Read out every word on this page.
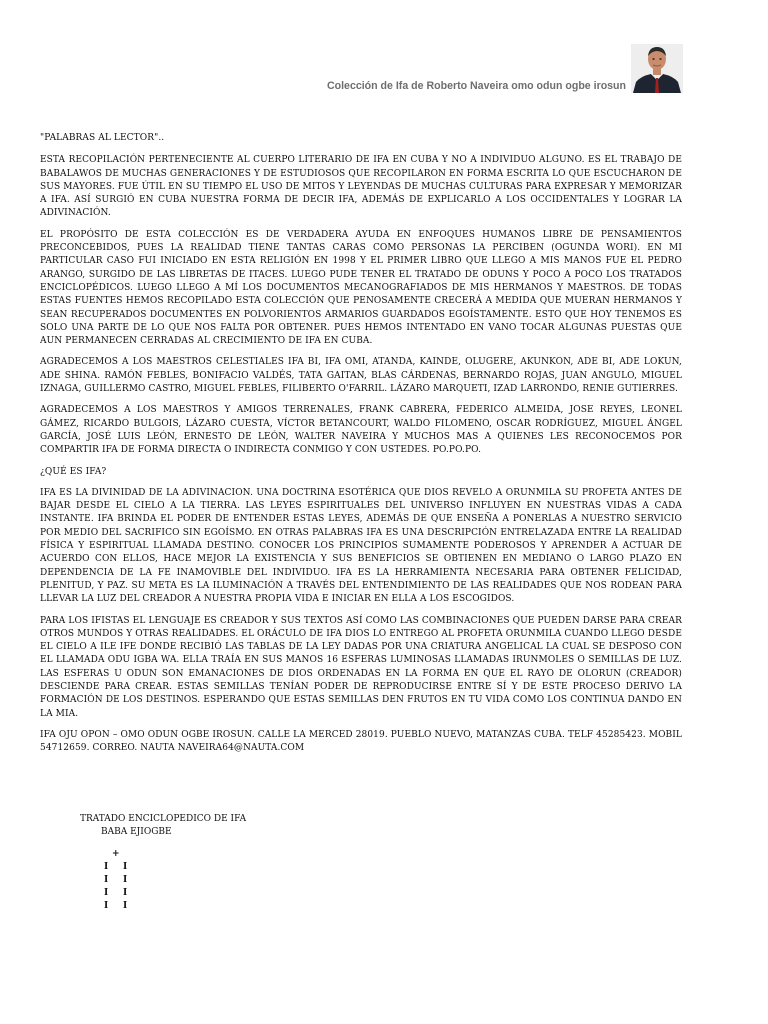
Colección de Ifa de Roberto Naveira omo odun ogbe irosun

"PALABRAS AL LECTOR"..

ESTA RECOPILACIÓN PERTENECIENTE AL CUERPO LITERARIO DE IFA EN CUBA Y NO A INDIVIDUO ALGUNO. ES EL TRABAJO DE BABALAWOS DE MUCHAS GENERACIONES Y DE ESTUDIOSOS QUE RECOPILARON EN FORMA ESCRITA LO QUE ESCUCHARON DE SUS MAYORES. FUE ÚTIL EN SU TIEMPO EL USO DE MITOS Y LEYENDAS DE MUCHAS CULTURAS PARA EXPRESAR Y MEMORIZAR A IFA. ASÍ SURGIÓ EN CUBA NUESTRA FORMA DE DECIR IFA, ADEMÁS DE EXPLICARLO A LOS OCCIDENTALES Y LOGRAR LA ADIVINACIÓN.

EL PROPÓSITO DE ESTA COLECCIÓN ES DE VERDADERA AYUDA EN ENFOQUES HUMANOS LIBRE DE PENSAMIENTOS PRECONCEBIDOS, PUES LA REALIDAD TIENE TANTAS CARAS COMO PERSONAS LA PERCIBEN (OGUNDA WORI). EN MI PARTICULAR CASO FUI INICIADO EN ESTA RELIGIÓN EN 1998 Y EL PRIMER LIBRO QUE LLEGO A MIS MANOS FUE EL PEDRO ARANGO, SURGIDO DE LAS LIBRETAS DE ITACES. LUEGO PUDE TENER EL TRATADO DE ODUNS Y POCO A POCO LOS TRATADOS ENCICLOPÉDICOS. LUEGO LLEGO A MÍ LOS DOCUMENTOS MECANOGRAFIADOS DE MIS HERMANOS Y MAESTROS. DE TODAS ESTAS FUENTES HEMOS RECOPILADO ESTA COLECCIÓN QUE PENOSAMENTE CRECERÁ A MEDIDA QUE MUERAN HERMANOS Y SEAN RECUPERADOS DOCUMENTES EN POLVORIENTOS ARMARIOS GUARDADOS EGOÍSTAMENTE. ESTO QUE HOY TENEMOS ES SOLO UNA PARTE DE LO QUE NOS FALTA POR OBTENER. PUES HEMOS INTENTADO EN VANO TOCAR ALGUNAS PUESTAS QUE AUN PERMANECEN CERRADAS AL CRECIMIENTO DE IFA EN CUBA.

AGRADECEMOS A LOS MAESTROS CELESTIALES IFA BI, IFA OMI, ATANDA, KAINDE, OLUGERE, AKUNKON, ADE BI, ADE LOKUN, ADE SHINA. RAMÓN FEBLES, BONIFACIO VALDÉS, TATA GAITAN, BLAS CÁRDENAS, BERNARDO ROJAS, JUAN ANGULO, MIGUEL IZNAGA, GUILLERMO CASTRO, MIGUEL FEBLES, FILIBERTO O'FARRIL. LÁZARO MARQUETI, IZAD LARRONDO, RENIE GUTIERRES.

AGRADECEMOS A LOS MAESTROS Y AMIGOS TERRENALES, FRANK CABRERA, FEDERICO ALMEIDA, JOSE REYES, LEONEL GÁMEZ, RICARDO BULGOIS, LÁZARO CUESTA, VÍCTOR BETANCOURT, WALDO FILOMENO, OSCAR RODRÍGUEZ, MIGUEL ÁNGEL GARCÍA, JOSÉ LUIS LEÓN, ERNESTO DE LEÓN, WALTER NAVEIRA Y MUCHOS MAS A QUIENES LES RECONOCEMOS POR COMPARTIR IFA DE FORMA DIRECTA O INDIRECTA CONMIGO Y CON USTEDES. PO.PO.PO.

¿QUÉ ES IFA?

IFA ES LA DIVINIDAD DE LA ADIVINACION. UNA DOCTRINA ESOTÉRICA QUE DIOS REVELO A ORUNMILA SU PROFETA ANTES DE BAJAR DESDE EL CIELO A LA TIERRA. LAS LEYES ESPIRITUALES DEL UNIVERSO INFLUYEN EN NUESTRAS VIDAS A CADA INSTANTE. IFA BRINDA EL PODER DE ENTENDER ESTAS LEYES, ADEMÁS DE QUE ENSEÑA A PONERLAS A NUESTRO SERVICIO POR MEDIO DEL SACRIFICO SIN EGOÍSMO. EN OTRAS PALABRAS IFA ES UNA DESCRIPCIÓN ENTRELAZADA ENTRE LA REALIDAD FÍSICA Y ESPIRITUAL LLAMADA DESTINO. CONOCER LOS PRINCIPIOS SUMAMENTE PODEROSOS Y APRENDER A ACTUAR DE ACUERDO CON ELLOS, HACE MEJOR LA EXISTENCIA Y SUS BENEFICIOS SE OBTIENEN EN MEDIANO O LARGO PLAZO EN DEPENDENCIA DE LA FE INAMOVIBLE DEL INDIVIDUO. IFA ES LA HERRAMIENTA NECESARIA PARA OBTENER FELICIDAD, PLENITUD, Y PAZ. SU META ES LA ILUMINACIÓN A TRAVÉS DEL ENTENDIMIENTO DE LAS REALIDADES QUE NOS RODEAN PARA LLEVAR LA LUZ DEL CREADOR A NUESTRA PROPIA VIDA E INICIAR EN ELLA A LOS ESCOGIDOS.

PARA LOS IFISTAS EL LENGUAJE ES CREADOR Y SUS TEXTOS ASÍ COMO LAS COMBINACIONES QUE PUEDEN DARSE PARA CREAR OTROS MUNDOS Y OTRAS REALIDADES. EL ORÁCULO DE IFA DIOS LO ENTREGO AL PROFETA ORUNMILA CUANDO LLEGO DESDE EL CIELO A ILE IFE DONDE RECIBIÓ LAS TABLAS DE LA LEY DADAS POR UNA CRIATURA ANGELICAL LA CUAL SE DESPOSO CON EL LLAMADA ODU IGBA WA. ELLA TRAÍA EN SUS MANOS 16 ESFERAS LUMINOSAS LLAMADAS IRUNMOLES O SEMILLAS DE LUZ. LAS ESFERAS U ODUN SON EMANACIONES DE DIOS ORDENADAS EN LA FORMA EN QUE EL RAYO DE OLORUN (CREADOR) DESCIENDE PARA CREAR. ESTAS SEMILLAS TENÍAN PODER DE REPRODUCIRSE ENTRE SÍ Y DE ESTE PROCESO DERIVO LA FORMACIÓN DE LOS DESTINOS. ESPERANDO QUE ESTAS SEMILLAS DEN FRUTOS EN TU VIDA COMO LOS CONTINUA DANDO EN LA MIA.

IFA OJU OPON – OMO ODUN OGBE IROSUN. CALLE LA MERCED 28019. PUEBLO NUEVO, MATANZAS CUBA. TELF 45285423. MOBIL 54712659. CORREO. NAUTA NAVEIRA64@NAUTA.COM

TRATADO ENCICLOPEDICO DE IFA
BABA EJIOGBE
+
I I
I I
I I
I I
